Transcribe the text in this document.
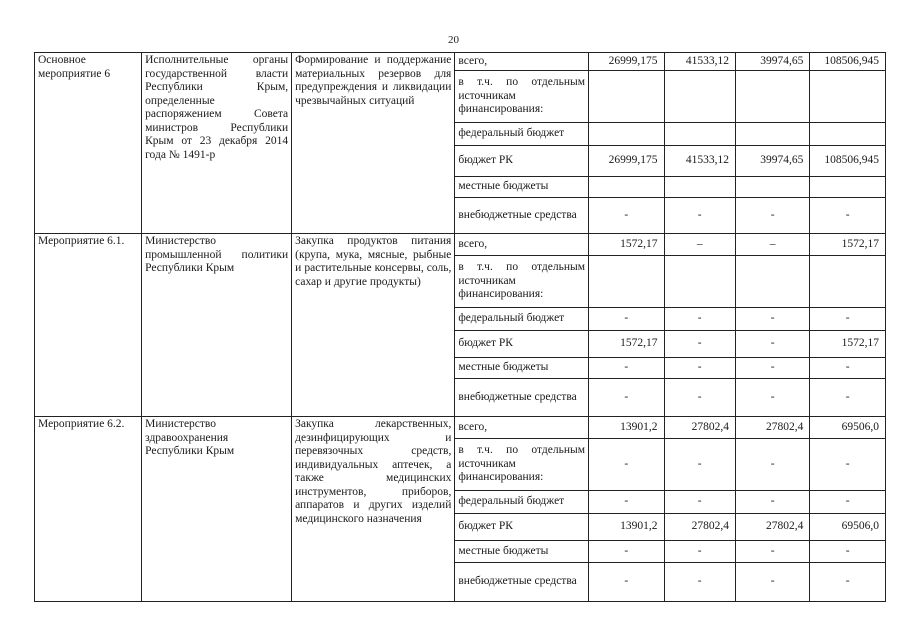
20
Основное мероприятие 6	Исполнительные органы государственной власти Республики Крым, определенные распоряжением Совета министров Республики Крым от 23 декабря 2014 года № 1491-р	Формирование и поддержание материальных резервов для предупреждения и ликвидации чрезвычайных ситуаций	всего,	26999,175	41533,12	39974,65	108506,945
			в т.ч. по отдельным источникам финансирования:				
			федеральный бюджет				
			бюджет РК	26999,175	41533,12	39974,65	108506,945
			местные бюджеты				
			внебюджетные средства	-	-	-	-
Мероприятие 6.1.	Министерство промышленной политики Республики Крым	Закупка продуктов питания (крупа, мука, мясные, рыбные и растительные консервы, соль, сахар и другие продукты)	всего,	1572,17	–	–	1572,17
			в т.ч. по отдельным источникам финансирования:				
			федеральный бюджет	-	-	-	-
			бюджет РК	1572,17	-	-	1572,17
			местные бюджеты	-	-	-	-
			внебюджетные средства	-	-	-	-
Мероприятие 6.2.	Министерство здравоохранения Республики Крым	Закупка лекарственных, дезинфицирующих и перевязочных средств, индивидуальных аптечек, а также медицинских инструментов, приборов, аппаратов и других изделий медицинского назначения	всего,	13901,2	27802,4	27802,4	69506,0
			в т.ч. по отдельным источникам финансирования:	-	-	-	-
			федеральный бюджет	-	-	-	-
			бюджет РК	13901,2	27802,4	27802,4	69506,0
			местные бюджеты	-	-	-	-
			внебюджетные средства	-	-	-	-
